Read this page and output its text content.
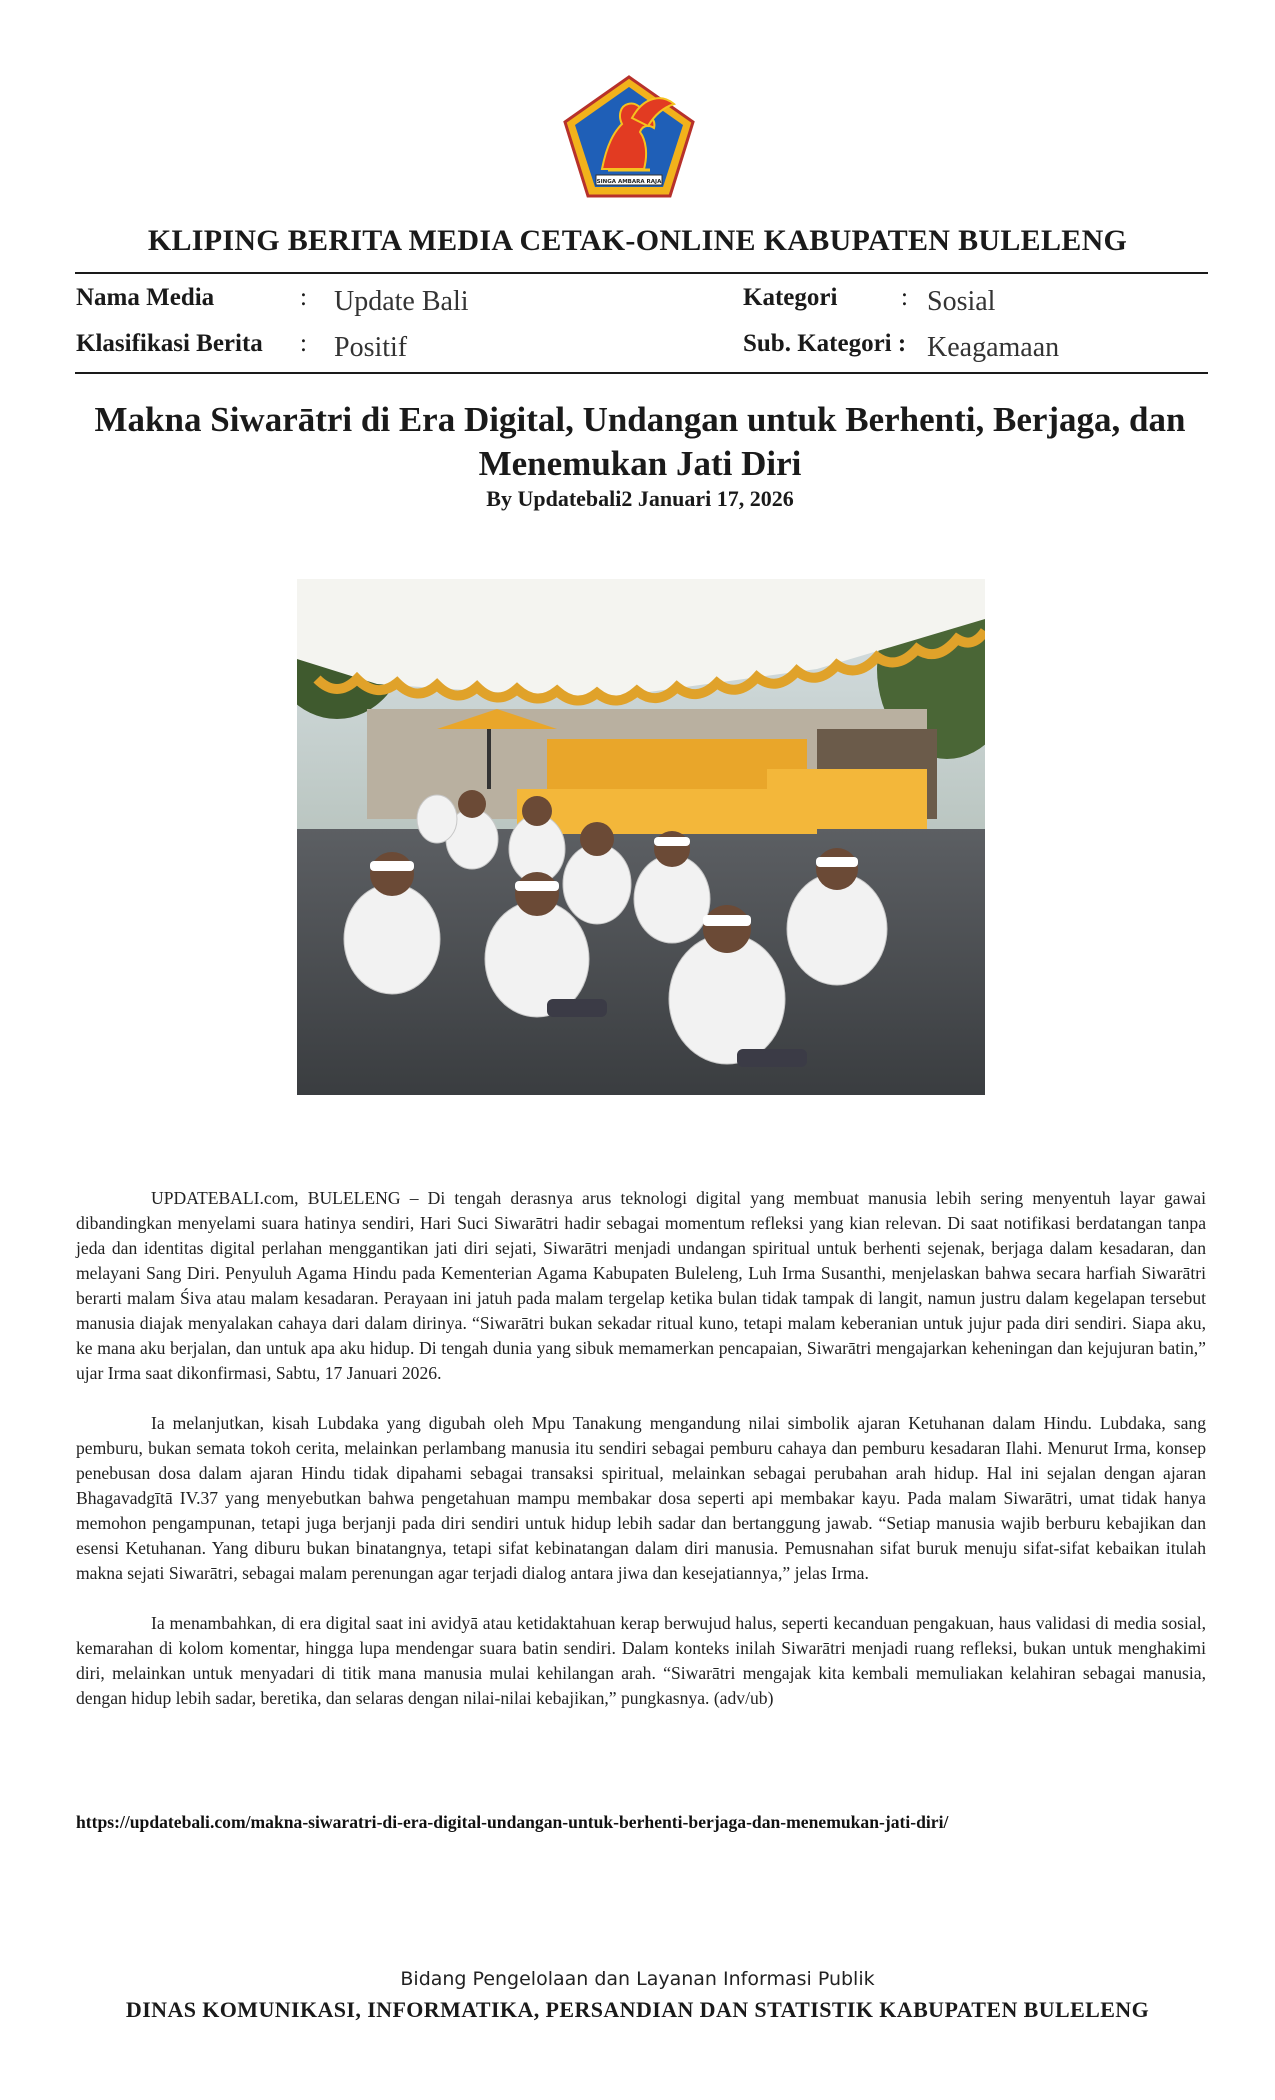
SINGA AMBARA RAJA
KLIPING BERITA MEDIA CETAK-ONLINE KABUPATEN BULELENG
Nama Media	: Update Bali
Klasifikasi Berita : Positif
Kategori	: Sosial
Sub. Kategori : Keagamaan
Makna Siwarātri di Era Digital, Undangan untuk Berhenti, Berjaga, dan
Menemukan Jati Diri
By Updatebali2 Januari 17, 2026

UPDATEBALI.com, BULELENG – Di tengah derasnya arus teknologi digital yang membuat manusia lebih sering menyentuh layar gawai dibandingkan menyelami suara hatinya sendiri, Hari Suci Siwarātri hadir sebagai momentum refleksi yang kian relevan. Di saat notifikasi berdatangan tanpa jeda dan identitas digital perlahan menggantikan jati diri sejati, Siwarātri menjadi undangan spiritual untuk berhenti sejenak, berjaga dalam kesadaran, dan melayani Sang Diri. Penyuluh Agama Hindu pada Kementerian Agama Kabupaten Buleleng, Luh Irma Susanthi, menjelaskan bahwa secara harfiah Siwarātri berarti malam Śiva atau malam kesadaran. Perayaan ini jatuh pada malam tergelap ketika bulan tidak tampak di langit, namun justru dalam kegelapan tersebut manusia diajak menyalakan cahaya dari dalam dirinya. “Siwarātri bukan sekadar ritual kuno, tetapi malam keberanian untuk jujur pada diri sendiri. Siapa aku, ke mana aku berjalan, dan untuk apa aku hidup. Di tengah dunia yang sibuk memamerkan pencapaian, Siwarātri mengajarkan keheningan dan kejujuran batin,” ujar Irma saat dikonfirmasi, Sabtu, 17 Januari 2026.

Ia melanjutkan, kisah Lubdaka yang digubah oleh Mpu Tanakung mengandung nilai simbolik ajaran Ketuhanan dalam Hindu. Lubdaka, sang pemburu, bukan semata tokoh cerita, melainkan perlambang manusia itu sendiri sebagai pemburu cahaya dan pemburu kesadaran Ilahi. Menurut Irma, konsep penebusan dosa dalam ajaran Hindu tidak dipahami sebagai transaksi spiritual, melainkan sebagai perubahan arah hidup. Hal ini sejalan dengan ajaran Bhagavadgītā IV.37 yang menyebutkan bahwa pengetahuan mampu membakar dosa seperti api membakar kayu. Pada malam Siwarātri, umat tidak hanya memohon pengampunan, tetapi juga berjanji pada diri sendiri untuk hidup lebih sadar dan bertanggung jawab. “Setiap manusia wajib berburu kebajikan dan esensi Ketuhanan. Yang diburu bukan binatangnya, tetapi sifat kebinatangan dalam diri manusia. Pemusnahan sifat buruk menuju sifat-sifat kebaikan itulah makna sejati Siwarātri, sebagai malam perenungan agar terjadi dialog antara jiwa dan kesejatiannya,” jelas Irma.

Ia menambahkan, di era digital saat ini avidyā atau ketidaktahuan kerap berwujud halus, seperti kecanduan pengakuan, haus validasi di media sosial, kemarahan di kolom komentar, hingga lupa mendengar suara batin sendiri. Dalam konteks inilah Siwarātri menjadi ruang refleksi, bukan untuk menghakimi diri, melainkan untuk menyadari di titik mana manusia mulai kehilangan arah. “Siwarātri mengajak kita kembali memuliakan kelahiran sebagai manusia, dengan hidup lebih sadar, beretika, dan selaras dengan nilai-nilai kebajikan,” pungkasnya. (adv/ub)

https://updatebali.com/makna-siwaratri-di-era-digital-undangan-untuk-berhenti-berjaga-dan-menemukan-jati-diri/
Bidang Pengelolaan dan Layanan Informasi Publik
DINAS KOMUNIKASI, INFORMATIKA, PERSANDIAN DAN STATISTIK KABUPATEN BULELENG
